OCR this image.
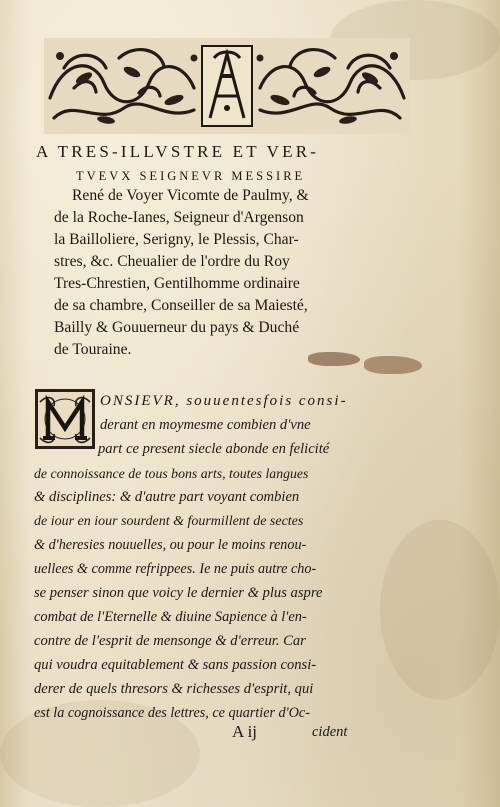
A TRES-ILLVSTRE ET VER-
TVEVX SEIGNEVR MESSIRE
René de Voyer Vicomte de Paulmy, &
de la Roche-Ianes, Seigneur d'Argenson
la Bailloliere, Serigny, le Plessis, Char-
stres, &c. Cheualier de l'ordre du Roy
Tres-Chrestien, Gentilhomme ordinaire
de sa chambre, Conseiller de sa Maiesté,
Bailly & Gouuerneur du pays & Duché
de Touraine.
ONSIEVR, souuentesfois consi-
derant en moymesme combien d'vne
part ce present siecle abonde en felicité
de connoissance de tous bons arts, toutes langues
& disciplines: & d'autre part voyant combien
de iour en iour sourdent & fourmillent de sectes
& d'heresies nouuelles, ou pour le moins renou-
uellees & comme refrippees. Ie ne puis autre cho-
se penser sinon que voicy le dernier & plus aspre
combat de l'Eternelle & diuine Sapience à l'en-
contre de l'esprit de mensonge & d'erreur. Car
qui voudra equitablement & sans passion consi-
derer de quels thresors & richesses d'esprit, qui
est la cognoissance des lettres, ce quartier d'Oc-
A ij	cident
